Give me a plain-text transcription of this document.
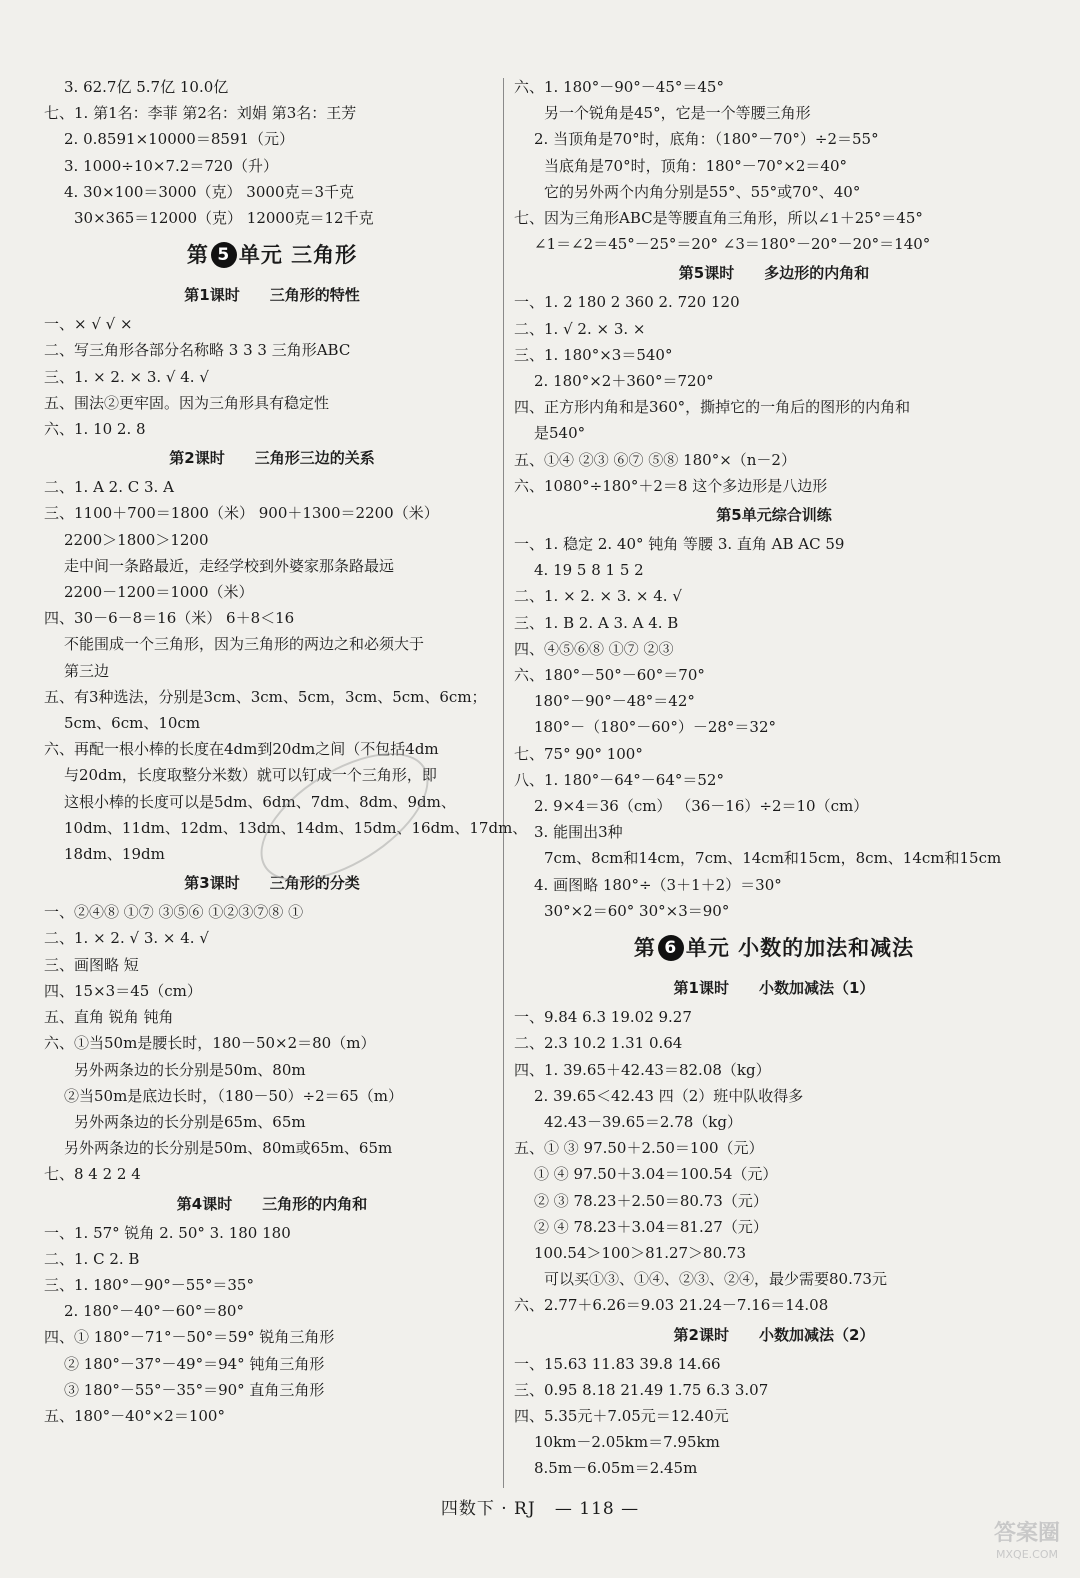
3. 62.7亿 5.7亿 10.0亿
七、1. 第1名：李菲 第2名：刘娟 第3名：王芳
2. 0.8591×10000＝8591（元）
3. 1000÷10×7.2＝720（升）
4. 30×100＝3000（克） 3000克＝3千克
30×365＝12000（克） 12000克＝12千克
第 5 单元 三角形
第1课时 三角形的特性
一、× √ √ ×
二、写三角形各部分名称略 3 3 3 三角形ABC
三、1. × 2. × 3. √ 4. √
五、围法②更牢固。因为三角形具有稳定性
六、1. 10 2. 8
第2课时 三角形三边的关系
二、1. A 2. C 3. A
三、1100＋700＝1800（米） 900＋1300＝2200（米）
2200＞1800＞1200
走中间一条路最近，走经学校到外婆家那条路最远
2200－1200＝1000（米）
四、30－6－8＝16（米） 6＋8＜16
不能围成一个三角形，因为三角形的两边之和必须大于
第三边
五、有3种选法，分别是3cm、3cm、5cm，3cm、5cm、6cm；
5cm、6cm、10cm
六、再配一根小棒的长度在4dm到20dm之间（不包括4dm
与20dm，长度取整分米数）就可以钉成一个三角形，即
这根小棒的长度可以是5dm、6dm、7dm、8dm、9dm、
10dm、11dm、12dm、13dm、14dm、15dm、16dm、17dm、
18dm、19dm
第3课时 三角形的分类
一、②④⑧ ①⑦ ③⑤⑥ ①②③⑦⑧ ①
二、1. × 2. √ 3. × 4. √
三、画图略 短
四、15×3＝45（cm）
五、直角 锐角 钝角
六、①当50m是腰长时，180－50×2＝80（m）
另外两条边的长分别是50m、80m
②当50m是底边长时，（180－50）÷2＝65（m）
另外两条边的长分别是65m、65m
另外两条边的长分别是50m、80m或65m、65m
七、8 4 2 2 4
第4课时 三角形的内角和
一、1. 57° 锐角 2. 50° 3. 180 180
二、1. C 2. B
三、1. 180°－90°－55°＝35°
2. 180°－40°－60°＝80°
四、① 180°－71°－50°＝59° 锐角三角形
② 180°－37°－49°＝94° 钝角三角形
③ 180°－55°－35°＝90° 直角三角形
五、180°－40°×2＝100°
六、1. 180°－90°－45°＝45°
另一个锐角是45°，它是一个等腰三角形
2. 当顶角是70°时，底角：（180°－70°）÷2＝55°
当底角是70°时，顶角：180°－70°×2＝40°
它的另外两个内角分别是55°、55°或70°、40°
七、因为三角形ABC是等腰直角三角形，所以∠1＋25°＝45°
∠1＝∠2＝45°－25°＝20° ∠3＝180°－20°－20°＝140°
第5课时 多边形的内角和
一、1. 2 180 2 360 2. 720 120
二、1. √ 2. × 3. ×
三、1. 180°×3＝540°
2. 180°×2＋360°＝720°
四、正方形内角和是360°，撕掉它的一角后的图形的内角和
是540°
五、①④ ②③ ⑥⑦ ⑤⑧ 180°×（n－2）
六、1080°÷180°＋2＝8 这个多边形是八边形
第5单元综合训练
一、1. 稳定 2. 40° 钝角 等腰 3. 直角 AB AC 59
4. 19 5 8 1 5 2
二、1. × 2. × 3. × 4. √
三、1. B 2. A 3. A 4. B
四、④⑤⑥⑧ ①⑦ ②③
六、180°－50°－60°＝70°
180°－90°－48°＝42°
180°－（180°－60°）－28°＝32°
七、75° 90° 100°
八、1. 180°－64°－64°＝52°
2. 9×4＝36（cm） （36－16）÷2＝10（cm）
3. 能围出3种
7cm、8cm和14cm，7cm、14cm和15cm，8cm、14cm和15cm
4. 画图略 180°÷（3＋1＋2）＝30°
30°×2＝60° 30°×3＝90°
第 6 单元 小数的加法和减法
第1课时 小数加减法（1）
一、9.84 6.3 19.02 9.27
二、2.3 10.2 1.31 0.64
四、1. 39.65＋42.43＝82.08（kg）
2. 39.65＜42.43 四（2）班中队收得多
42.43－39.65＝2.78（kg）
五、① ③ 97.50＋2.50＝100（元）
① ④ 97.50＋3.04＝100.54（元）
② ③ 78.23＋2.50＝80.73（元）
② ④ 78.23＋3.04＝81.27（元）
100.54＞100＞81.27＞80.73
可以买①③、①④、②③、②④，最少需要80.73元
六、2.77＋6.26＝9.03 21.24－7.16＝14.08
第2课时 小数加减法（2）
一、15.63 11.83 39.8 14.66
三、0.95 8.18 21.49 1.75 6.3 3.07
四、5.35元＋7.05元＝12.40元
10km－2.05km＝7.95km
8.5m－6.05m＝2.45m
四数下 · RJ — 118 —
答案圈
MXQE.COM
